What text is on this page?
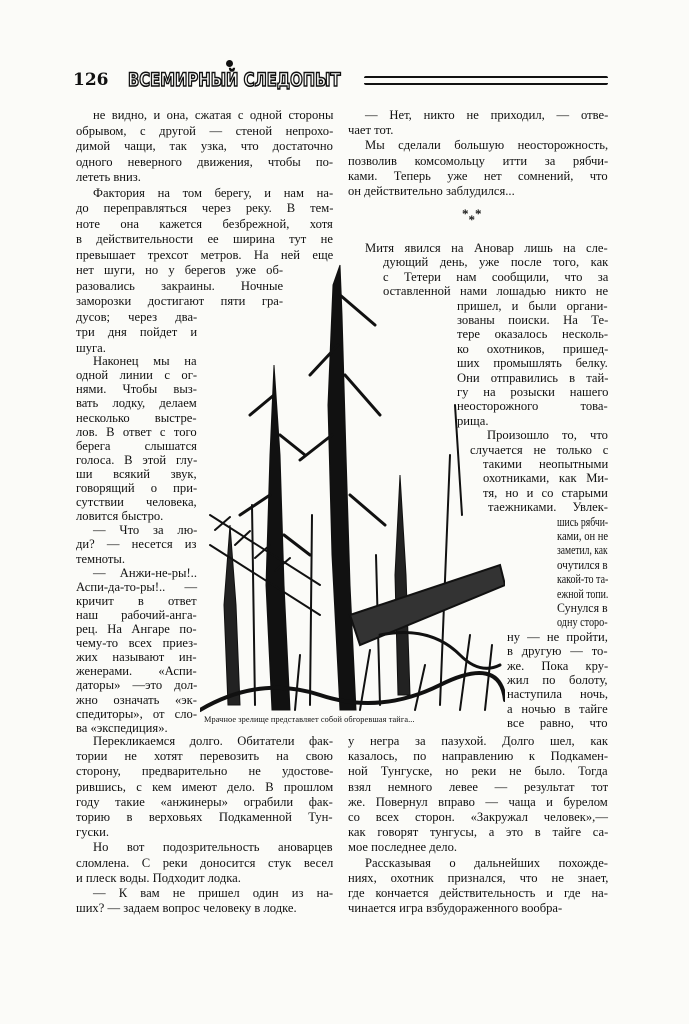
126 ВСЕМИРНЫЙ СЛЕДОПЫТ
***
Мрачное зрелище представляет собой обгоревшая тайга...
не видно, и она, сжатая с одной стороны
обрывом, с другой — стеной непрохо-
димой чащи, так узка, что достаточно
одного неверного движения, чтобы по-
лететь вниз.
Фактория на том берегу, и нам на-
до переправляться через реку. В тем-
ноте она кажется безбрежной, хотя
в действительности ее ширина тут не
превышает трехсот метров. На ней еще
нет шуги, но у берегов уже об-
разовались закраины. Ночные
заморозки достигают пяти гра-
дусов; через два-
три дня пойдет и
шуга.
Наконец мы на
одной линии с ог-
нями. Чтобы выз-
вать лодку, делаем
несколько выстре-
лов. В ответ с того
берега слышатся
голоса. В этой глу-
ши всякий звук,
говорящий о при-
сутствии человека,
ловится быстро.
— Что за лю-
ди? — несется из
темноты.
— Анжи-не-ры!..
Аспи-да-то-ры!.. —
кричит в ответ
наш рабочий-анга-
рец. На Ангаре по-
чему-то всех приез-
жих называют ин-
женерами. «Аспи-
даторы» —это дол-
жно означать «эк-
спедиторы», от сло-
ва «экспедиция».
Перекликаемся долго. Обитатели фак-
тории не хотят перевозить на свою
сторону, предварительно не удостове-
рившись, с кем имеют дело. В прошлом
году такие «анжинеры» ограбили фак-
торию в верховьях Подкаменной Тун-
гуски.
Но вот подозрительность ановарцев
сломлена. С реки доносится стук весел
и плеск воды. Подходит лодка.
— К вам не пришел один из на-
ших? — задаем вопрос человеку в лодке.
— Нет, никто не приходил, — отве-
чает тот.
Мы сделали большую неосторожность,
позволив комсомольцу итти за рябчи-
ками. Теперь уже нет сомнений, что
он действительно заблудился...
Митя явился на Ановар лишь на сле-
дующий день, уже после того, как
с Тетери нам сообщили, что за
оставленной нами лошадью никто не
пришел, и были органи-
зованы поиски. На Те-
тере оказалось несколь-
ко охотников, пришед-
ших промышлять белку.
Они отправились в тай-
гу на розыски нашего
неосторожного това-
рища.
Произошло то, что
случается не только с
такими неопытными
охотниками, как Ми-
тя, но и со старыми
таежниками. Увлек-
шись рябчи-
ками, он не
заметил, как
очутился в
какой-то та-
ежной топи.
Сунулся в
одну сторо-
ну — не пройти,
в другую — то-
же. Пока кру-
жил по болоту,
наступила ночь,
а ночью в тайге
все равно, что
у негра за пазухой. Долго шел, как
казалось, по направлению к Подкамен-
ной Тунгуске, но реки не было. Тогда
взял немного левее — результат тот
же. Повернул вправо — чаща и бурелом
со всех сторон. «Закружал человек»,—
как говорят тунгусы, а это в тайге са-
мое последнее дело.
Рассказывая о дальнейших похожде-
ниях, охотник признался, что не знает,
где кончается действительность и где на-
чинается игра взбудораженного вообра-
